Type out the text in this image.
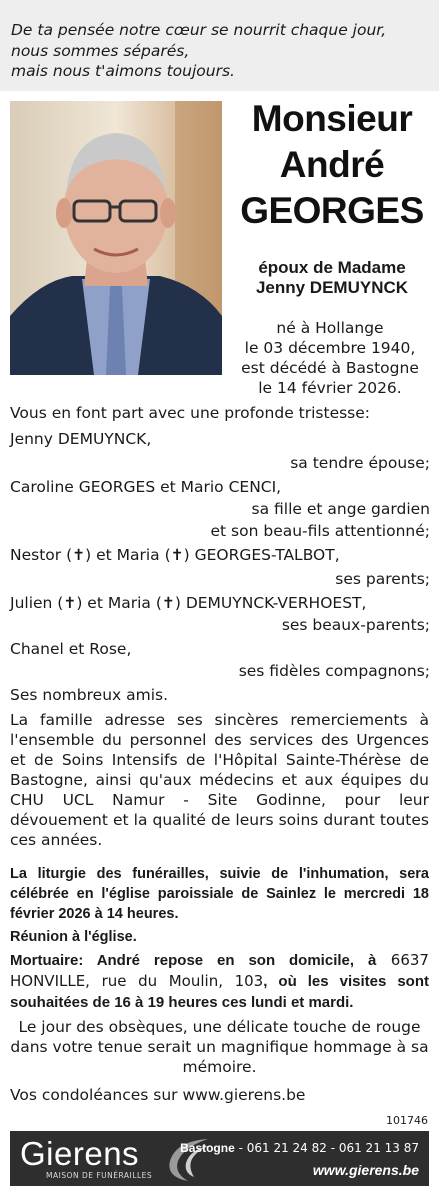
De ta pensée notre cœur se nourrit chaque jour,
nous sommes séparés,
mais nous t'aimons toujours.
Monsieur
André
GEORGES
époux de Madame
Jenny DEMUYNCK
né à Hollange
le 03 décembre 1940,
est décédé à Bastogne
le 14 février 2026.
Vous en font part avec une profonde tristesse:
Jenny DEMUYNCK,
sa tendre épouse;
Caroline GEORGES et Mario CENCI,
sa fille et ange gardien
et son beau-fils attentionné;
Nestor (✝) et Maria (✝) GEORGES-TALBOT,
ses parents;
Julien (✝) et Maria (✝) DEMUYNCK-VERHOEST,
ses beaux-parents;
Chanel et Rose,
ses fidèles compagnons;
Ses nombreux amis.
La famille adresse ses sincères remerciements à l'ensemble du personnel des services des Urgences et de Soins Intensifs de l'Hôpital Sainte-Thérèse de Bastogne, ainsi qu'aux médecins et aux équipes du CHU UCL Namur - Site Godinne, pour leur dévouement et la qualité de leurs soins durant toutes ces années.
La liturgie des funérailles, suivie de l'inhumation, sera célébrée en l'église paroissiale de Sainlez le mercredi 18 février 2026 à 14 heures.
Réunion à l'église.
Mortuaire: André repose en son domicile, à 6637 HONVILLE, rue du Moulin, 103, où les visites sont souhaitées de 16 à 19 heures ces lundi et mardi.
Le jour des obsèques, une délicate touche de rouge dans votre tenue serait un magnifique hommage à sa mémoire.
Vos condoléances sur www.gierens.be
101746
Gierens
MAISON DE FUNÉRAILLES
Bastogne - 061 21 24 82 - 061 21 13 87
www.gierens.be
